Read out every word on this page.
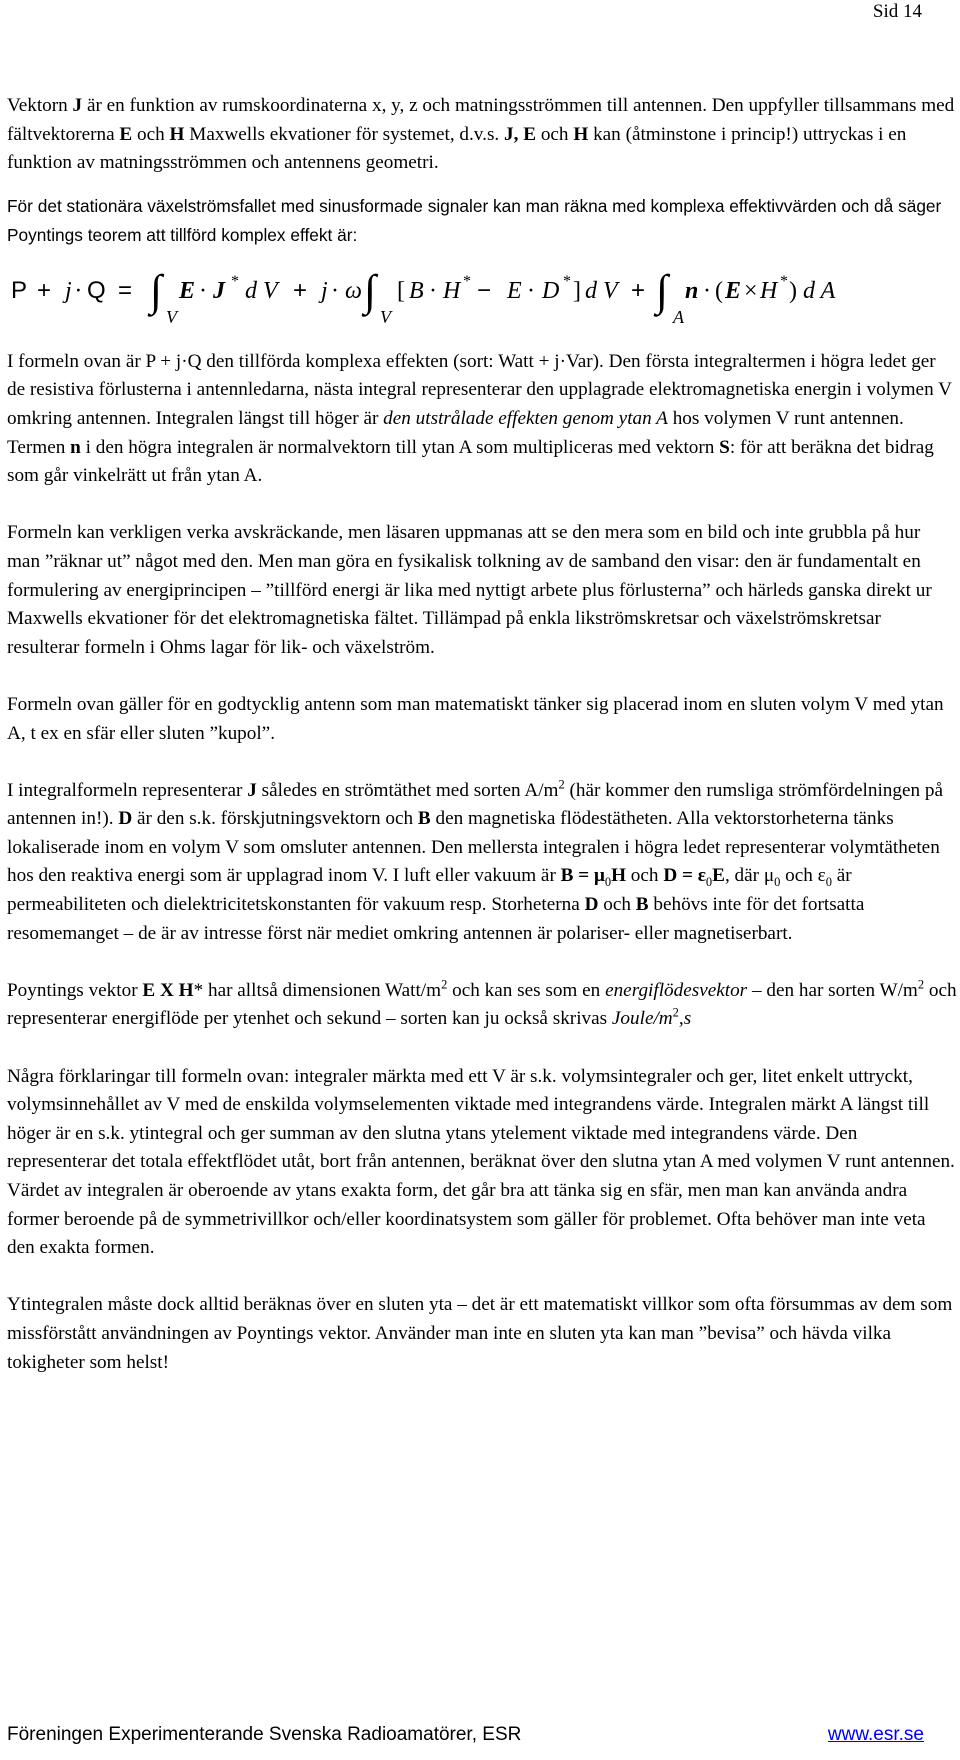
Sid 14

Vektorn J är en funktion av rumskoordinaterna x, y, z och matningsströmmen till antennen. Den uppfyller tillsammans med fältvektorerna E och H Maxwells ekvationer för systemet, d.v.s. J, E och H kan (åtminstone i princip!) uttryckas i en funktion av matningsströmmen och antennens geometri.

För det stationära växelströmsfallet med sinusformade signaler kan man räkna med komplexa effektivvärden och då säger Poyntings teorem att tillförd komplex effekt är:

P + j · Q = ∫
V
E · J * d V + j · ω ∫
V
[ B · H * − E · D * ] d V + ∫
A
n · ( E × H * ) d A

I formeln ovan är P + j·Q den tillförda komplexa effekten (sort: Watt + j·Var). Den första integraltermen i högra ledet ger de resistiva förlusterna i antennledarna, nästa integral representerar den upplagrade elektromagnetiska energin i volymen V omkring antennen. Integralen längst till höger är den utstrålade effekten genom ytan A hos volymen V runt antennen. Termen n i den högra integralen är normalvektorn till ytan A som multipliceras med vektorn S: för att beräkna det bidrag som går vinkelrätt ut från ytan A.

Formeln kan verkligen verka avskräckande, men läsaren uppmanas att se den mera som en bild och inte grubbla på hur man ”räknar ut” något med den. Men man göra en fysikalisk tolkning av de samband den visar: den är fundamentalt en formulering av energiprincipen – ”tillförd energi är lika med nyttigt arbete plus förlusterna” och härleds ganska direkt ur Maxwells ekvationer för det elektromagnetiska fältet. Tillämpad på enkla likströmskretsar och växelströmskretsar resulterar formeln i Ohms lagar för lik- och växelström.

Formeln ovan gäller för en godtycklig antenn som man matematiskt tänker sig placerad inom en sluten volym V med ytan A, t ex en sfär eller sluten ”kupol”.

I integralformeln representerar J således en strömtäthet med sorten $A/m^2$ (här kommer den rumsliga strömfördelningen på antennen in!). D är den s.k. förskjutningsvektorn och B den magnetiska flödestätheten. Alla vektorstorheterna tänks lokaliserade inom en volym V som omsluter antennen. Den mellersta integralen i högra ledet representerar volymtätheten hos den reaktiva energi som är upplagrad inom V. I luft eller vakuum är $B = \mu_0H$ och $D = \varepsilon_0E$, där $\mu_0$ och $\varepsilon_0$ är permeabiliteten och dielektricitetskonstanten för vakuum resp. Storheterna D och B behövs inte för det fortsatta resomemanget – de är av intresse först när mediet omkring antennen är polariser- eller magnetiserbart.

Poyntings vektor E X H* har alltså dimensionen Watt/$m^2$ och kan ses som en energiflödesvektor – den har sorten $W/m^2$ och representerar energiflöde per ytenhet och sekund – sorten kan ju också skrivas Joule/$m^2,s$

Några förklaringar till formeln ovan: integraler märkta med ett V är s.k. volymsintegraler och ger, litet enkelt uttryckt, volymsinnehållet av V med de enskilda volymselementen viktade med integrandens värde. Integralen märkt A längst till höger är en s.k. ytintegral och ger summan av den slutna ytans ytelement viktade med integrandens värde. Den representerar det totala effektflödet utåt, bort från antennen, beräknat över den slutna ytan A med volymen V runt antennen. Värdet av integralen är oberoende av ytans exakta form, det går bra att tänka sig en sfär, men man kan använda andra former beroende på de symmetrivillkor och/eller koordinatsystem som gäller för problemet. Ofta behöver man inte veta den exakta formen.

Ytintegralen måste dock alltid beräknas över en sluten yta – det är ett matematiskt villkor som ofta försummas av dem som missförstått användningen av Poyntings vektor. Använder man inte en sluten yta kan man ”bevisa” och hävda vilka tokigheter som helst!

Föreningen Experimenterande Svenska Radioamatörer, ESR	www.esr.se
